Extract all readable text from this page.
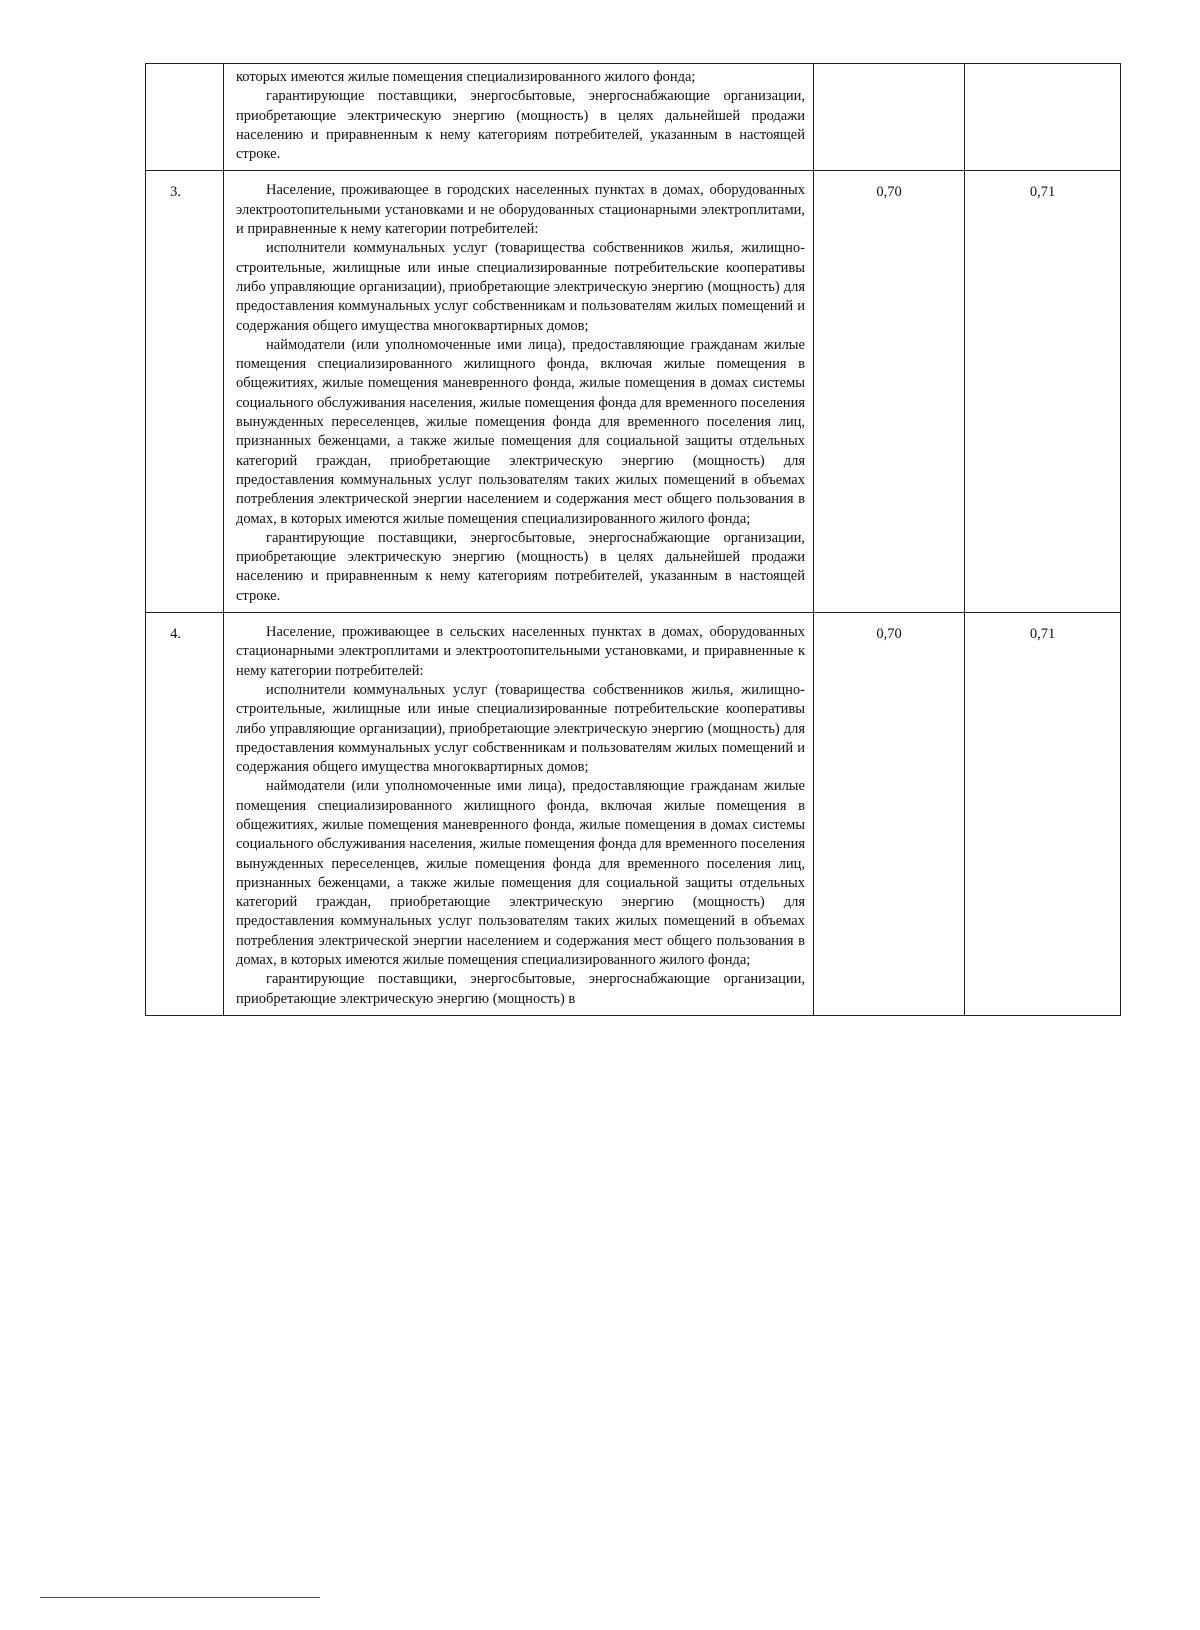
	которых имеются жилые помещения специализированного жилого фонда;

гарантирующие поставщики, энергосбытовые, энергоснабжающие организации, приобретающие электрическую энергию (мощность) в целях дальнейшей продажи населению и приравненным к нему категориям потребителей, указанным в настоящей строке.		

3.	Население, проживающее в городских населенных пунктах в домах, оборудованных электроотопительными установками и не оборудованных стационарными электроплитами, и приравненные к нему категории потребителей:

исполнители коммунальных услуг (товарищества собственников жилья, жилищно-строительные, жилищные или иные специализированные потребительские кооперативы либо управляющие организации), приобретающие электрическую энергию (мощность) для предоставления коммунальных услуг собственникам и пользователям жилых помещений и содержания общего имущества многоквартирных домов;

наймодатели (или уполномоченные ими лица), предоставляющие гражданам жилые помещения специализированного жилищного фонда, включая жилые помещения в общежитиях, жилые помещения маневренного фонда, жилые помещения в домах системы социального обслуживания населения, жилые помещения фонда для временного поселения вынужденных переселенцев, жилые помещения фонда для временного поселения лиц, признанных беженцами, а также жилые помещения для социальной защиты отдельных категорий граждан, приобретающие электрическую энергию (мощность) для предоставления коммунальных услуг пользователям таких жилых помещений в объемах потребления электрической энергии населением и содержания мест общего пользования в домах, в которых имеются жилые помещения специализированного жилого фонда;

гарантирующие поставщики, энергосбытовые, энергоснабжающие организации, приобретающие электрическую энергию (мощность) в целях дальнейшей продажи населению и приравненным к нему категориям потребителей, указанным в настоящей строке.	0,70	0,71
4.	Население, проживающее в сельских населенных пунктах в домах, оборудованных стационарными электроплитами и электроотопительными установками, и приравненные к нему категории потребителей:

исполнители коммунальных услуг (товарищества собственников жилья, жилищно-строительные, жилищные или иные специализированные потребительские кооперативы либо управляющие организации), приобретающие электрическую энергию (мощность) для предоставления коммунальных услуг собственникам и пользователям жилых помещений и содержания общего имущества многоквартирных домов;

наймодатели (или уполномоченные ими лица), предоставляющие гражданам жилые помещения специализированного жилищного фонда, включая жилые помещения в общежитиях, жилые помещения маневренного фонда, жилые помещения в домах системы социального обслуживания населения, жилые помещения фонда для временного поселения вынужденных переселенцев, жилые помещения фонда для временного поселения лиц, признанных беженцами, а также жилые помещения для социальной защиты отдельных категорий граждан, приобретающие электрическую энергию (мощность) для предоставления коммунальных услуг пользователям таких жилых помещений в объемах потребления электрической энергии населением и содержания мест общего пользования в домах, в которых имеются жилые помещения специализированного жилого фонда;

гарантирующие поставщики, энергосбытовые, энергоснабжающие организации, приобретающие электрическую энергию (мощность) в	0,70	0,71
